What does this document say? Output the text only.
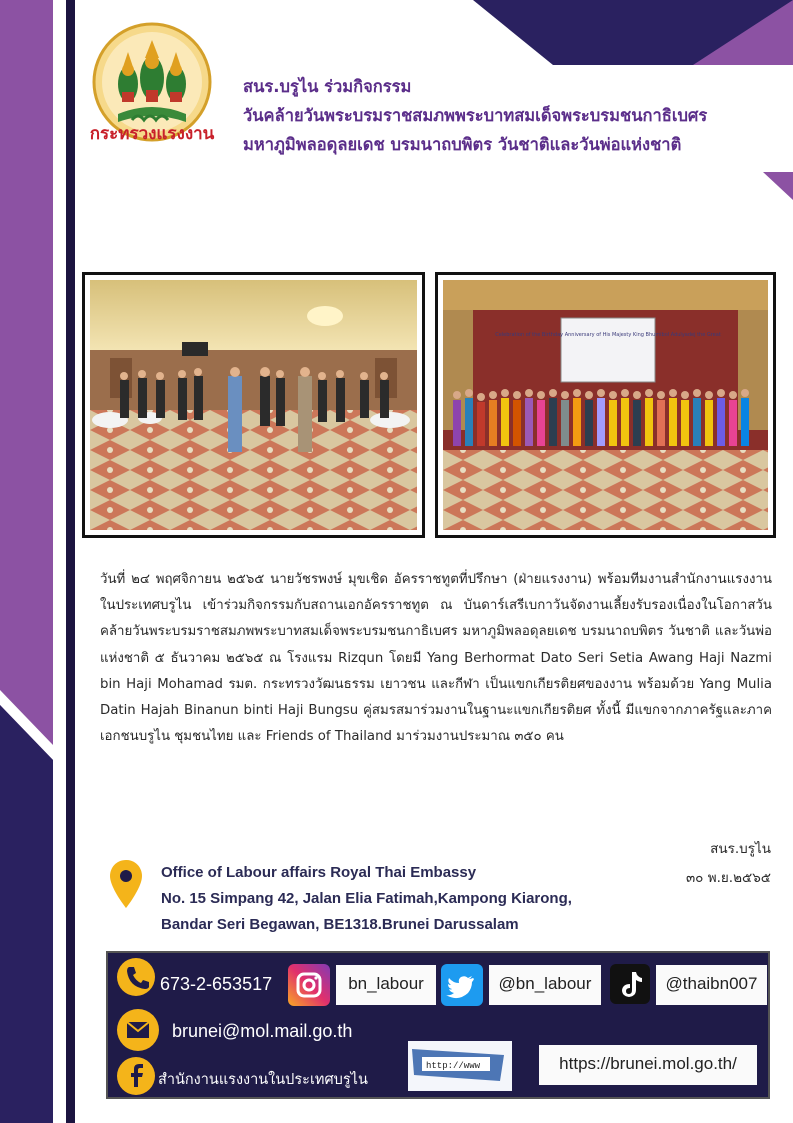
กระทรวงแรงงาน
สนร.บรูไน ร่วมกิจกรรม
วันคล้ายวันพระบรมราชสมภพพระบาทสมเด็จพระบรมชนกาธิเบศร
มหาภูมิพลอดุลยเดช บรมนาถบพิตร วันชาติและวันพ่อแห่งชาติ
Celebration of the Birthday Anniversary of His Majesty King Bhumibol Adulyadej the Great

วันที่ ๒๔ พฤศจิกายน ๒๕๖๕ นายวัชรพงษ์ มุขเชิด อัครราชทูตที่ปรึกษา (ฝ่ายแรงงาน) พร้อมทีมงานสำนักงานแรงงานในประเทศบรูไน เข้าร่วมกิจกรรมกับสถานเอกอัครราชทูต ณ บันดาร์เสรีเบกาวันจัดงานเลี้ยงรับรองเนื่องในโอกาสวันคล้ายวันพระบรมราชสมภพพระบาทสมเด็จพระบรมชนกาธิเบศร มหาภูมิพลอดุลยเดช บรมนาถบพิตร วันชาติ และวันพ่อแห่งชาติ ๕ ธันวาคม ๒๕๖๕ ณ โรงแรม Rizqun โดยมี Yang Berhormat Dato Seri Setia Awang Haji Nazmi bin Haji Mohamad รมต. กระทรวงวัฒนธรรม เยาวชน และกีฬา เป็นแขกเกียรติยศของงาน พร้อมด้วย Yang Mulia Datin Hajah Binanun binti Haji Bungsu คู่สมรสมาร่วมงานในฐานะแขกเกียรติยศ ทั้งนี้ มีแขกจากภาครัฐและภาคเอกชนบรูไน ชุมชนไทย และ Friends of Thailand มาร่วมงานประมาณ ๓๕๐ คน

สนร.บรูไน
๓๐ พ.ย.๒๕๖๕
Office of Labour affairs Royal Thai Embassy
No. 15 Simpang 42, Jalan Elia Fatimah,Kampong Kiarong,
Bandar Seri Begawan, BE1318.Brunei Darussalam
673-2-653517	bn_labour	@bn_labour	@thaibn007
brunei@mol.mail.go.th
สำนักงานแรงงานในประเทศบรูไน
http://www	https://brunei.mol.go.th/
